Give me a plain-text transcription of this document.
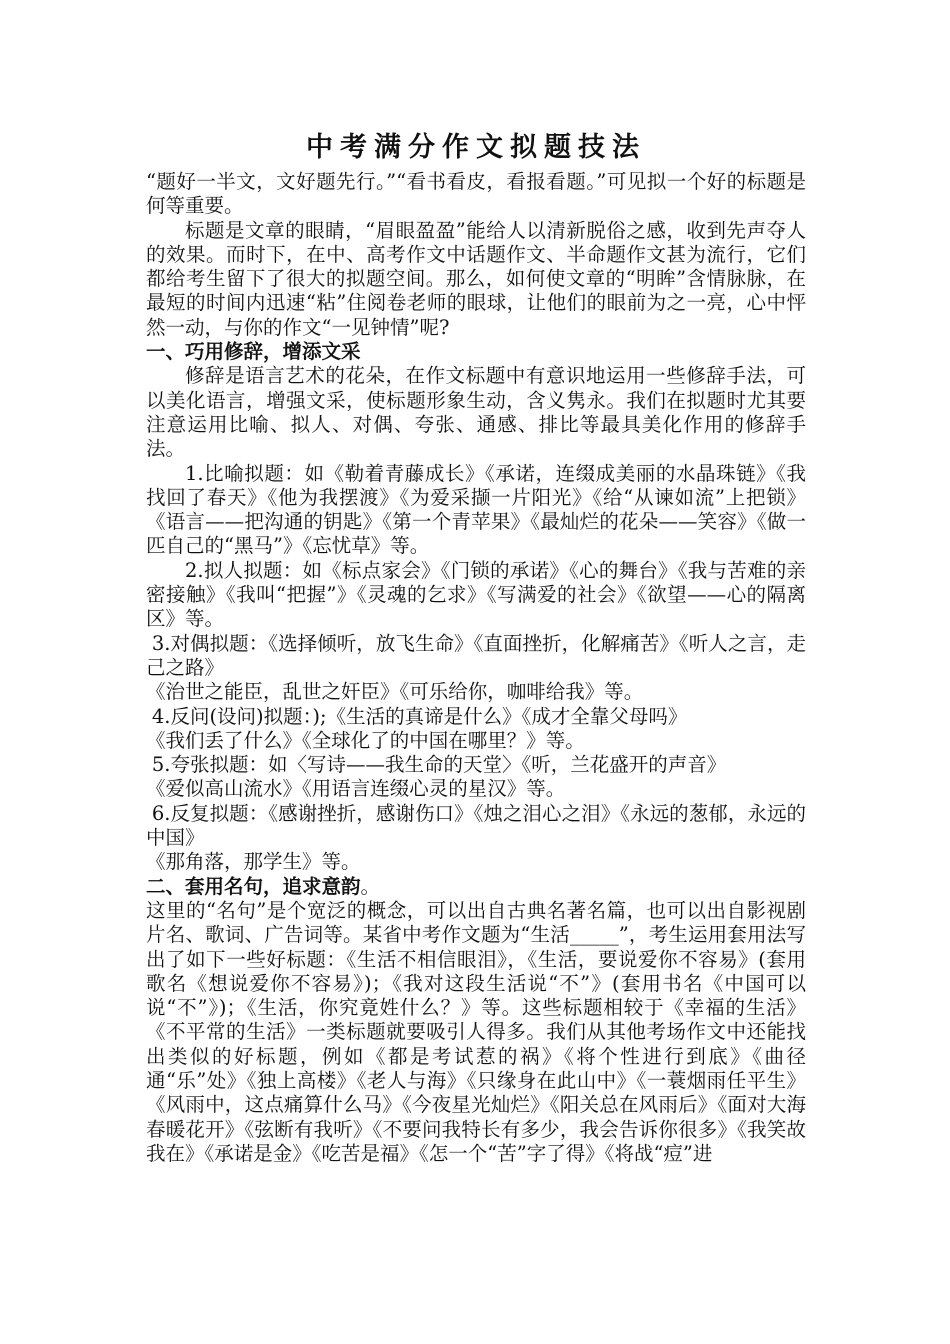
中考满分作文拟题技法

“题好一半文，文好题先行。”“看书看皮，看报看题。”可见拟一个好的标题是何等重要。

标题是文章的眼睛，“眉眼盈盈”能给人以清新脱俗之感，收到先声夺人的效果。而时下，在中、高考作文中话题作文、半命题作文甚为流行，它们都给考生留下了很大的拟题空间。那么，如何使文章的“明眸”含情脉脉，在最短的时间内迅速“粘”住阅卷老师的眼球，让他们的眼前为之一亮，心中怦然一动，与你的作文“一见钟情”呢?

一、巧用修辞，增添文采

修辞是语言艺术的花朵，在作文标题中有意识地运用一些修辞手法，可以美化语言，增强文采，使标题形象生动，含义隽永。我们在拟题时尤其要注意运用比喻、拟人、对偶、夸张、通感、排比等最具美化作用的修辞手法。

1.比喻拟题：如《勒着青藤成长》《承诺，连缀成美丽的水晶珠链》《我找回了春天》《他为我摆渡》《为爱采撷一片阳光》《给“从谏如流”上把锁》《语言——把沟通的钥匙》《第一个青苹果》《最灿烂的花朵——笑容》《做一匹自己的“黑马”》《忘忧草》等。

2.拟人拟题：如《标点家会》《门锁的承诺》《心的舞台》《我与苦难的亲密接触》《我叫“把握”》《灵魂的乞求》《写满爱的社会》《欲望——心的隔离区》等。

3.对偶拟题：《选择倾听，放飞生命》《直面挫折，化解痛苦》《听人之言，走己之路》

《治世之能臣，乱世之奸臣》《可乐给你，咖啡给我》等。

4.反问(设问)拟题：);《生活的真谛是什么》《成才全靠父母吗》

《我们丢了什么》《全球化了的中国在哪里？》等。

5.夸张拟题：如〈写诗——我生命的天堂〉《听，兰花盛开的声音》

《爱似高山流水》《用语言连缀心灵的星汉》等。

6.反复拟题：《感谢挫折，感谢伤口》《烛之泪心之泪》《永远的葱郁，永远的中国》

《那角落，那学生》等。

二、套用名句，追求意韵。

这里的“名句”是个宽泛的概念，可以出自古典名著名篇，也可以出自影视剧片名、歌词、广告词等。某省中考作文题为“生活_____”，考生运用套用法写出了如下一些好标题：《生活不相信眼泪》，《生活，要说爱你不容易》(套用歌名《想说爱你不容易》)；《我对这段生活说“不”》(套用书名《中国可以说“不”》)；《生活，你究竟姓什么？》等。这些标题相较于《幸福的生活》《不平常的生活》一类标题就要吸引人得多。我们从其他考场作文中还能找出类似的好标题，例如《都是考试惹的祸》《将个性进行到底》《曲径通“乐”处》《独上高楼》《老人与海》《只缘身在此山中》《一蓑烟雨任平生》《风雨中，这点痛算什么马》《今夜星光灿烂》《阳关总在风雨后》《面对大海春暖花开》《弦断有我听》《不要问我特长有多少，我会告诉你很多》《我笑故我在》《承诺是金》《吃苦是福》《怎一个“苦”字了得》《将战“痘”进
